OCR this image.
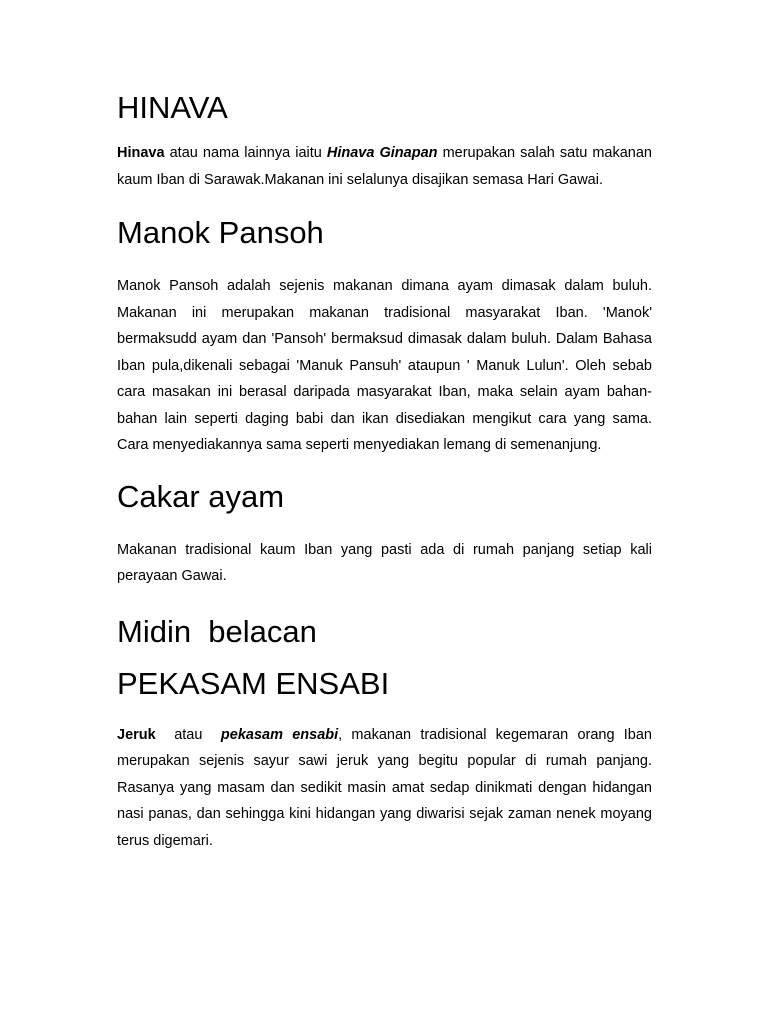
HINAVA

Hinava atau nama lainnya iaitu Hinava Ginapan merupakan salah satu makanan kaum Iban di Sarawak.Makanan ini selalunya disajikan semasa Hari Gawai.

Manok Pansoh

Manok Pansoh adalah sejenis makanan dimana ayam dimasak dalam buluh. Makanan ini merupakan makanan tradisional masyarakat Iban. 'Manok' bermaksudd ayam dan 'Pansoh' bermaksud dimasak dalam buluh. Dalam Bahasa Iban pula,dikenali sebagai 'Manuk Pansuh' ataupun ' Manuk Lulun'. Oleh sebab cara masakan ini berasal daripada masyarakat Iban, maka selain ayam bahan-bahan lain seperti daging babi dan ikan disediakan mengikut cara yang sama. Cara menyediakannya sama seperti menyediakan lemang di semenanjung.

Cakar ayam

Makanan tradisional kaum Iban yang pasti ada di rumah panjang setiap kali perayaan Gawai.

Midin  belacan
PEKASAM ENSABI

Jeruk  atau  pekasam ensabi, makanan tradisional kegemaran orang Iban merupakan sejenis sayur sawi jeruk yang begitu popular di rumah panjang. Rasanya yang masam dan sedikit masin amat sedap dinikmati dengan hidangan nasi panas, dan sehingga kini hidangan yang diwarisi sejak zaman nenek moyang terus digemari.
